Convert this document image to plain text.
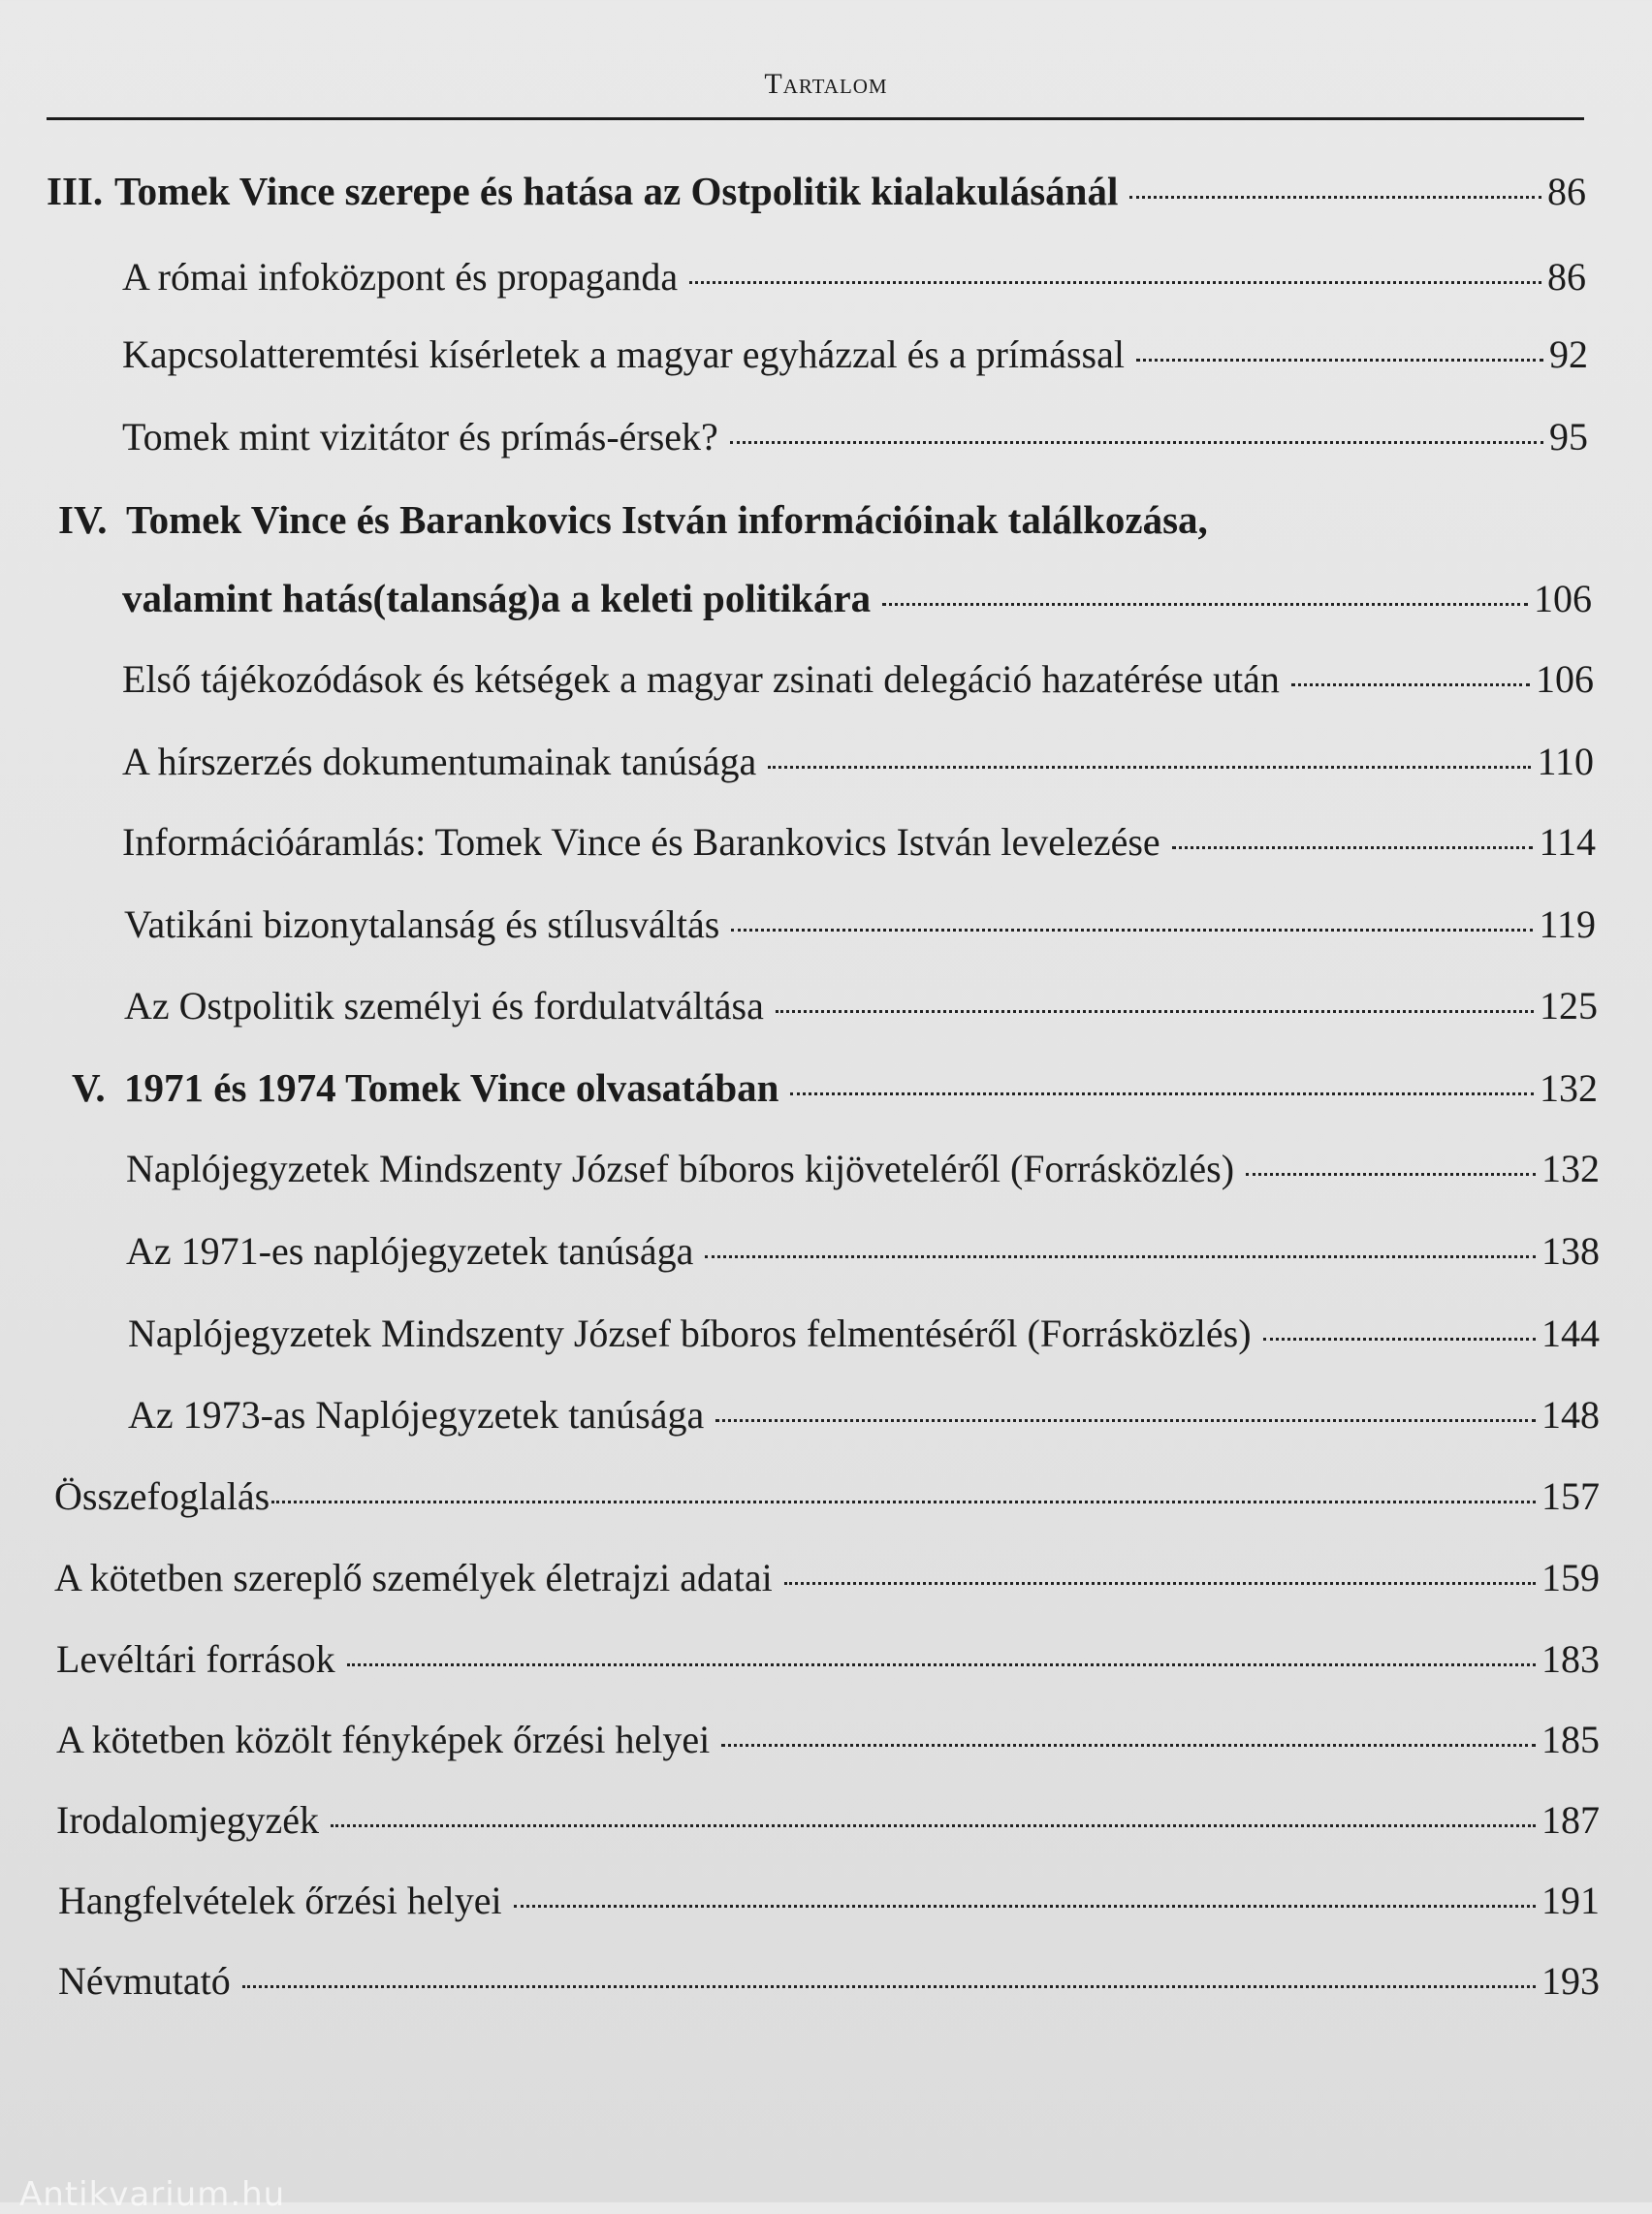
Tartalom
III. Tomek Vince szerepe és hatása az Ostpolitik kialakulásánál	86
A római infoközpont és propaganda	86
Kapcsolatteremtési kísérletek a magyar egyházzal és a prímással	92
Tomek mint vizitátor és prímás-érsek?	95
IV. Tomek Vince és Barankovics István információinak találkozása,
valamint hatás(talanság)a a keleti politikára	106
Első tájékozódások és kétségek a magyar zsinati delegáció hazatérése után	106
A hírszerzés dokumentumainak tanúsága	110
Információáramlás: Tomek Vince és Barankovics István levelezése	114
Vatikáni bizonytalanság és stílusváltás	119
Az Ostpolitik személyi és fordulatváltása	125
V. 1971 és 1974 Tomek Vince olvasatában	132
Naplójegyzetek Mindszenty József bíboros kijöveteléről (Forrásközlés)	132
Az 1971-es naplójegyzetek tanúsága	138
Naplójegyzetek Mindszenty József bíboros felmentéséről (Forrásközlés)	144
Az 1973-as Naplójegyzetek tanúsága	148
Összefoglalás	157
A kötetben szereplő személyek életrajzi adatai	159
Levéltári források	183
A kötetben közölt fényképek őrzési helyei	185
Irodalomjegyzék	187
Hangfelvételek őrzési helyei	191
Névmutató	193
Antikvarium.hu
